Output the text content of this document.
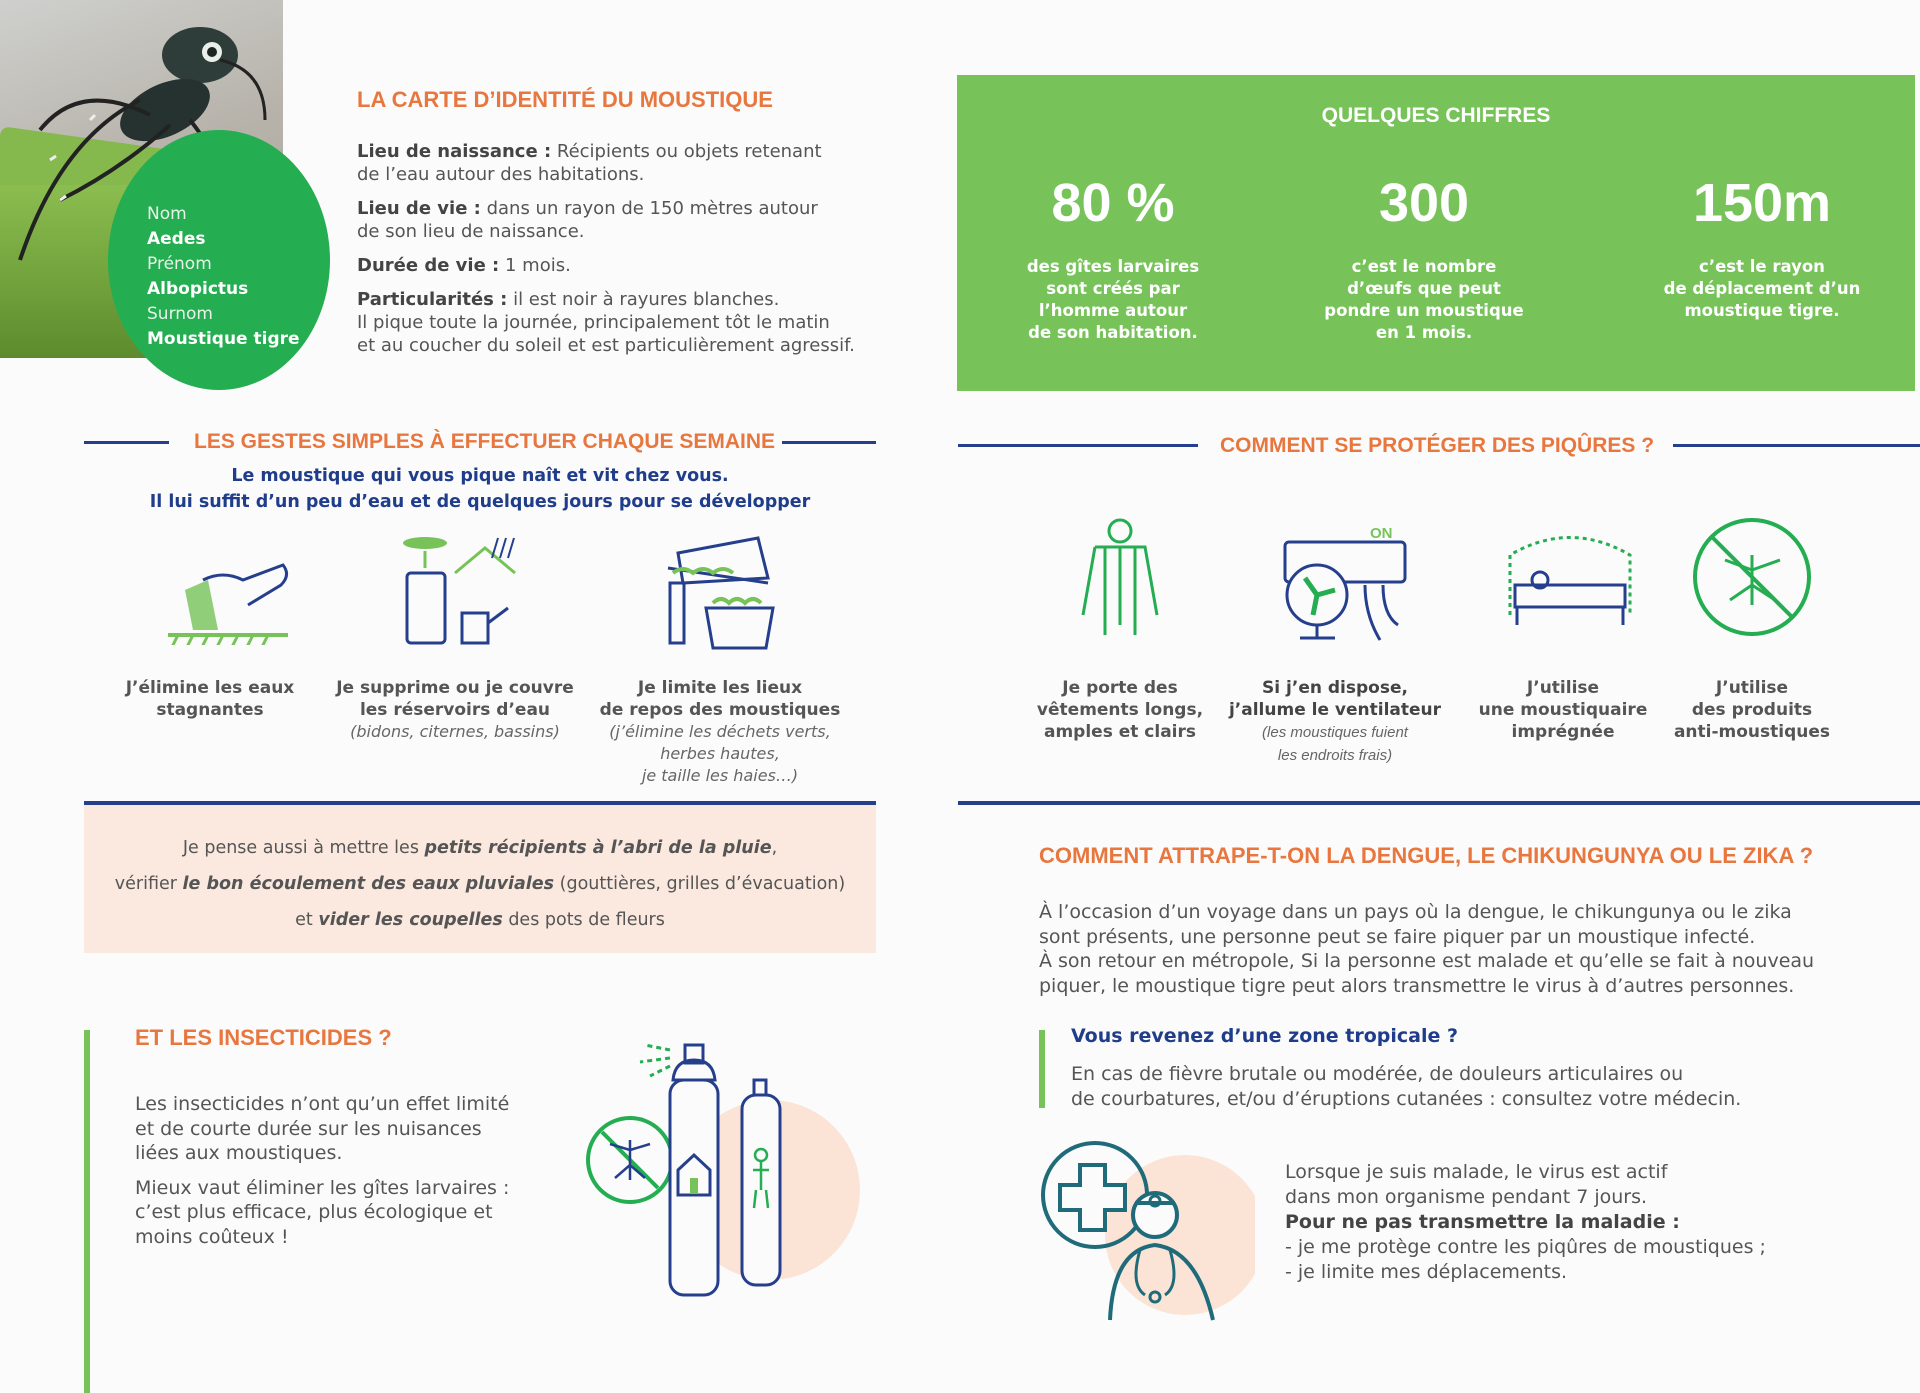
Nom
Aedes
Prénom
Albopictus
Surnom
Moustique tigre
LA CARTE D’IDENTITÉ DU MOUSTIQUE

Lieu de naissance : Récipients ou objets retenant
de l’eau autour des habitations.

Lieu de vie : dans un rayon de 150 mètres autour
de son lieu de naissance.

Durée de vie : 1 mois.

Particularités : il est noir à rayures blanches.
Il pique toute la journée, principalement tôt le matin
et au coucher du soleil et est particulièrement agressif.

QUELQUES CHIFFRES
80 %
des gîtes larvaires
sont créés par
l’homme autour
de son habitation.
300
c’est le nombre
d’œufs que peut
pondre un moustique
en 1 mois.
150m
c’est le rayon
de déplacement d’un
moustique tigre.
LES GESTES SIMPLES À EFFECTUER CHAQUE SEMAINE
Le moustique qui vous pique naît et vit chez vous.
Il lui suffit d’un peu d’eau et de quelques jours pour se développer
J’élimine les eaux
stagnantes
Je supprime ou je couvre
les réservoirs d’eau
(bidons, citernes, bassins)
Je limite les lieux
de repos des moustiques
(j’élimine les déchets verts,
herbes hautes,
je taille les haies…)
COMMENT SE PROTÉGER DES PIQÛRES ?
ON
Je porte des
vêtements longs,
amples et clairs
Si j’en dispose,
j’allume le ventilateur
(les moustiques fuient
les endroits frais)
J’utilise
une moustiquaire
imprégnée
J’utilise
des produits
anti-moustiques
Je pense aussi à mettre les petits récipients à l’abri de la pluie,
vérifier le bon écoulement des eaux pluviales (gouttières, grilles d’évacuation)
et vider les coupelles des pots de fleurs
ET LES INSECTICIDES ?

Les insecticides n’ont qu’un effet limité
et de courte durée sur les nuisances
liées aux moustiques.

Mieux vaut éliminer les gîtes larvaires :
c’est plus efficace, plus écologique et
moins coûteux !

COMMENT ATTRAPE-T-ON LA DENGUE, LE CHIKUNGUNYA OU LE ZIKA ?
À l’occasion d’un voyage dans un pays où la dengue, le chikungunya ou le zika
sont présents, une personne peut se faire piquer par un moustique infecté.
À son retour en métropole, Si la personne est malade et qu’elle se fait à nouveau
piquer, le moustique tigre peut alors transmettre le virus à d’autres personnes.
Vous revenez d’une zone tropicale ?
En cas de fièvre brutale ou modérée, de douleurs articulaires ou
de courbatures, et/ou d’éruptions cutanées : consultez votre médecin.
Lorsque je suis malade, le virus est actif
dans mon organisme pendant 7 jours.
Pour ne pas transmettre la maladie :
- je me protège contre les piqûres de moustiques ;
- je limite mes déplacements.
